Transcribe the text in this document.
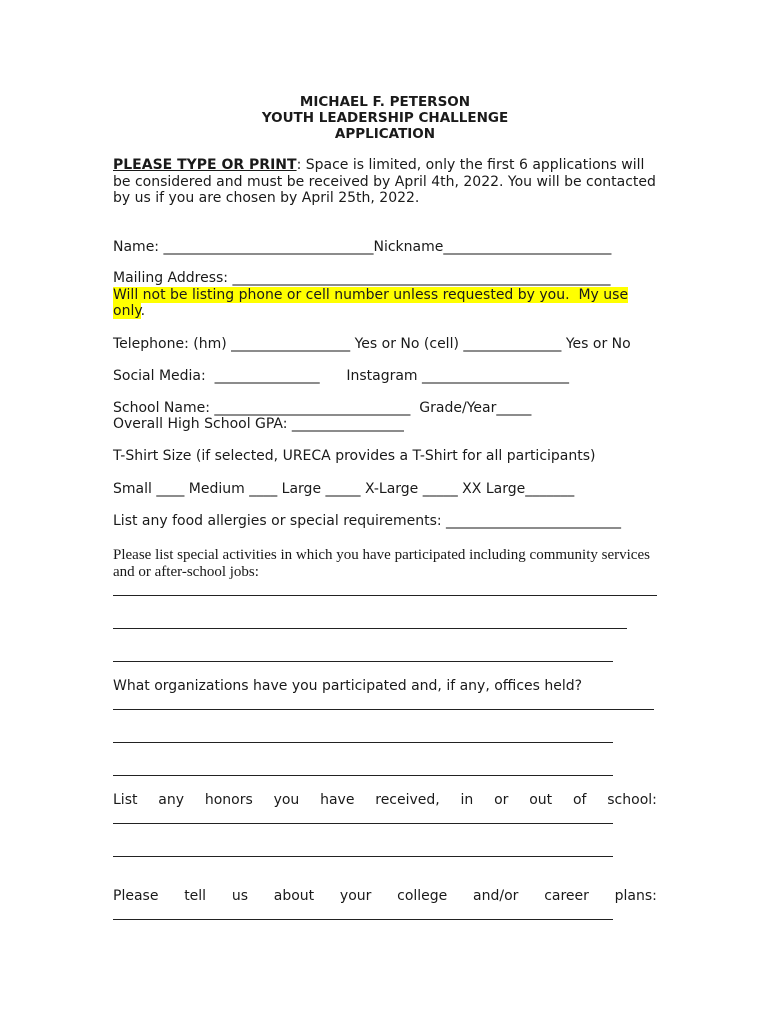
MICHAEL F. PETERSON
YOUTH LEADERSHIP CHALLENGE
APPLICATION
PLEASE TYPE OR PRINT: Space is limited, only the first 6 applications will
be considered and must be received by April 4th, 2022. You will be contacted
by us if you are chosen by April 25th, 2022.
Name: ______________________________Nickname________________________
Mailing Address: ______________________________________________________
Will not be listing phone or cell number unless requested by you.  My use
only.
Telephone: (hm) _________________ Yes or No (cell) ______________ Yes or No
Social Media:  _______________      Instagram _____________________
School Name: ____________________________  Grade/Year_____
Overall High School GPA: ________________
T-Shirt Size (if selected, URECA provides a T-Shirt for all participants)
Small ____ Medium ____ Large _____ X-Large _____ XX Large_______
List any food allergies or special requirements: _________________________
Please list special activities in which you have participated including community services
and or after-school jobs:
What organizations have you participated and, if any, offices held?
List any honors you have received, in or out of school:
Please tell us about your college and/or career plans:
